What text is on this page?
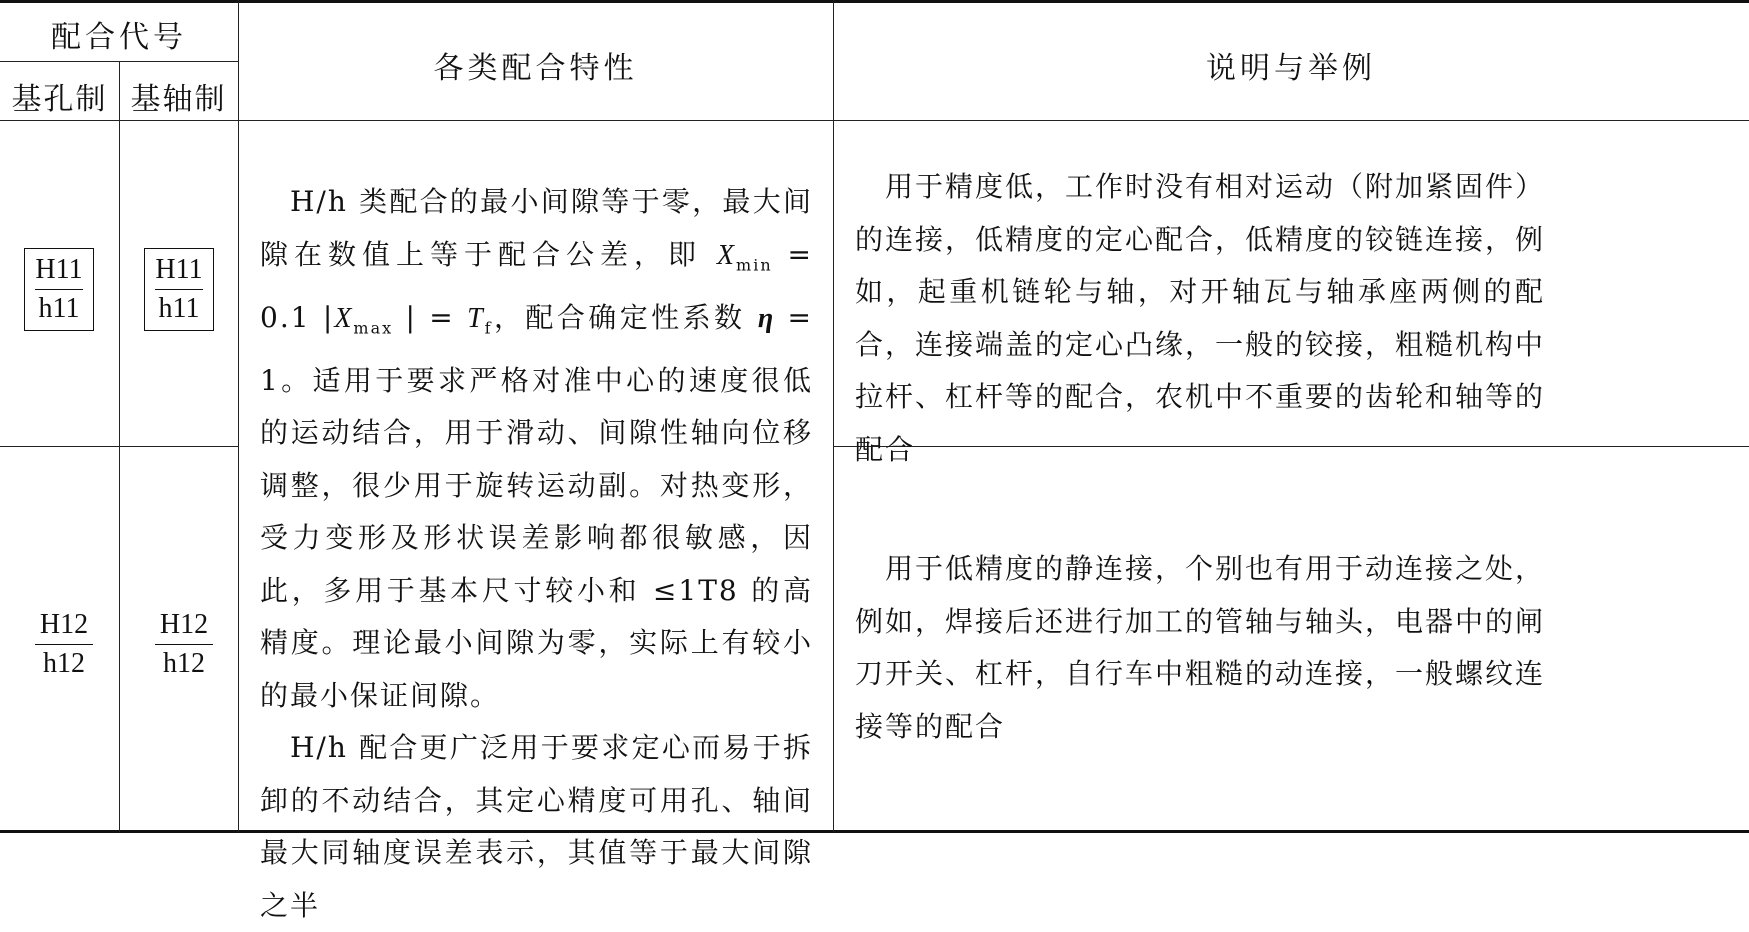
配合代号
基孔制 基轴制
各类配合特性	说明与举例
H11
h11
H11
h11
H12
h12
H12
h12
H/h 类配合的最小间隙等于零，最大间隙在数值上等于配合公差，即 $X_{min} = 0.1$ $|X_{max}$ | = $T_f$，配合确定性系数 η = 1。适用于要求严格对准中心的速度很低的运动结合，用于滑动、间隙性轴向位移调整，很少用于旋转运动副。对热变形，受力变形及形状误差影响都很敏感，因此，多用于基本尺寸较小和 ≤1T8 的高精度。理论最小间隙为零，实际上有较小的最小保证间隙。
H/h 配合更广泛用于要求定心而易于拆卸的不动结合，其定心精度可用孔、轴间最大同轴度误差表示，其值等于最大间隙之半
用于精度低，工作时没有相对运动（附加紧固件）的连接，低精度的定心配合，低精度的铰链连接，例如，起重机链轮与轴，对开轴瓦与轴承座两侧的配合，连接端盖的定心凸缘，一般的铰接，粗糙机构中拉杆、杠杆等的配合，农机中不重要的齿轮和轴等的配合
用于低精度的静连接，个别也有用于动连接之处，例如，焊接后还进行加工的管轴与轴头，电器中的闸刀开关、杠杆，自行车中粗糙的动连接，一般螺纹连接等的配合
